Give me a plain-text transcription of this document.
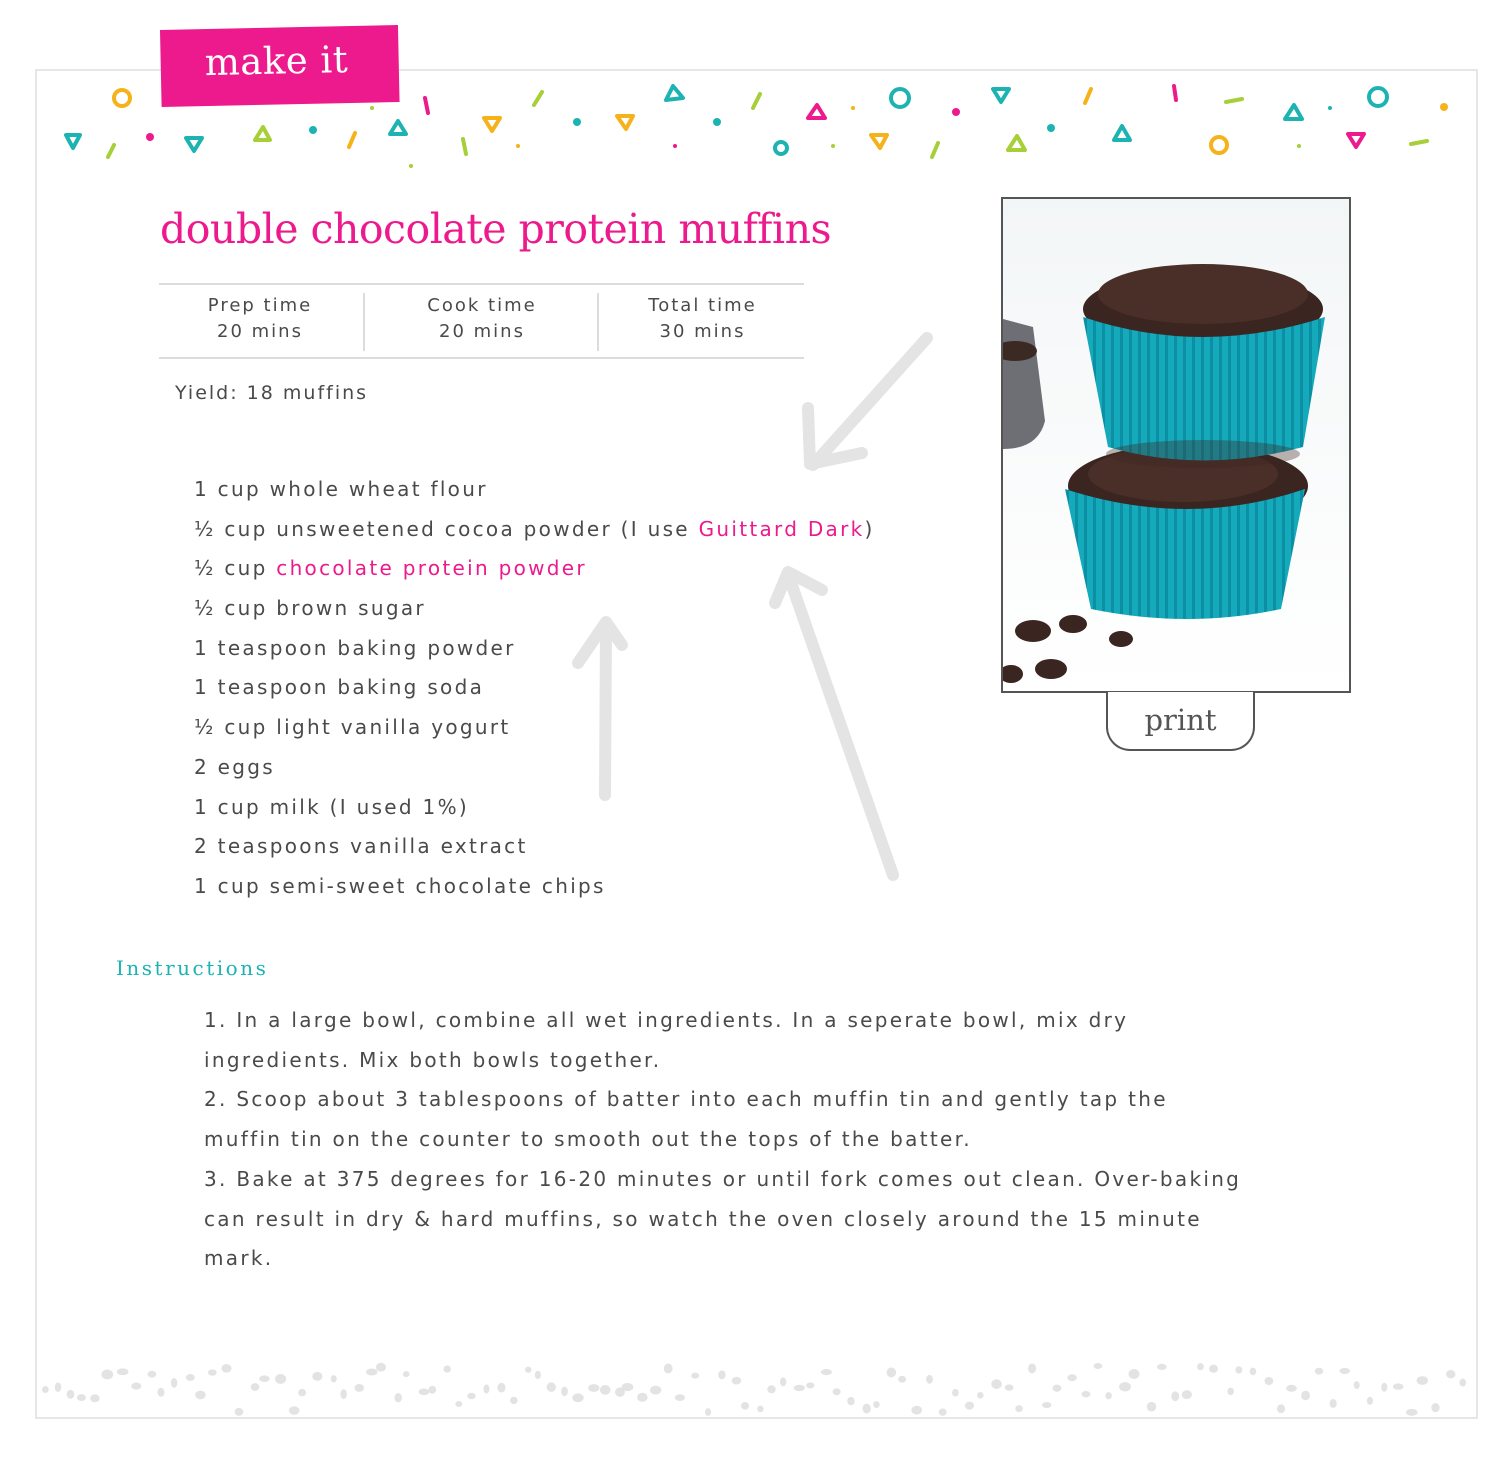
make it
double chocolate protein muffins
Prep time
20 mins
Cook time
20 mins
Total time
30 mins
Yield: 18 muffins
1 cup whole wheat flour
½ cup unsweetened cocoa powder (I use Guittard Dark)
½ cup chocolate protein powder
½ cup brown sugar
1 teaspoon baking powder
1 teaspoon baking soda
½ cup light vanilla yogurt
2 eggs
1 cup milk (I used 1%)
2 teaspoons vanilla extract
1 cup semi-sweet chocolate chips
print
Instructions

1. In a large bowl, combine all wet ingredients. In a seperate bowl, mix dry ingredients. Mix both bowls together.

2. Scoop about 3 tablespoons of batter into each muffin tin and gently tap the muffin tin on the counter to smooth out the tops of the batter.

3. Bake at 375 degrees for 16-20 minutes or until fork comes out clean. Over-baking can result in dry & hard muffins, so watch the oven closely around the 15 minute mark.
